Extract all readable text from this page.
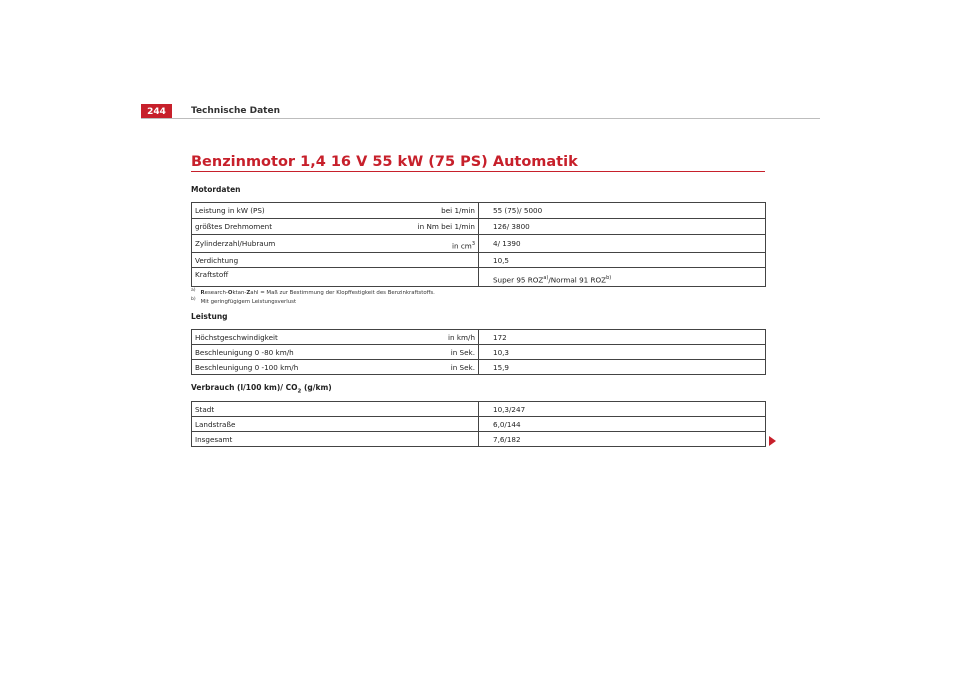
244	Technische Daten
Benzinmotor 1,4 16 V 55 kW (75 PS) Automatik
Motordaten
Leistung in kW (PS)	bei 1/min	55 (75)/ 5000
größtes Drehmoment	in Nm bei 1/min	126/ 3800
Zylinderzahl/Hubraum	in $cm^3$	4/ 1390
Verdichtung		10,5
Kraftstoff		Super 95 ROZ$^{a)}$/Normal 91 ROZ$^{b)}$
$^{a)}$ Research-Oktan-Zahl = Maß zur Bestimmung der Klopffestigkeit des Benzinkraftstoffs.
$^{b)}$ Mit geringfügigem Leistungsverlust
Leistung
Höchstgeschwindigkeit	in km/h	172
Beschleunigung 0 -80 km/h	in Sek.	10,3
Beschleunigung 0 -100 km/h	in Sek.	15,9
Verbrauch (l/100 km)/ $CO_2$ (g/km)
Stadt		10,3/247
Landstraße		6,0/144
Insgesamt		7,6/182
